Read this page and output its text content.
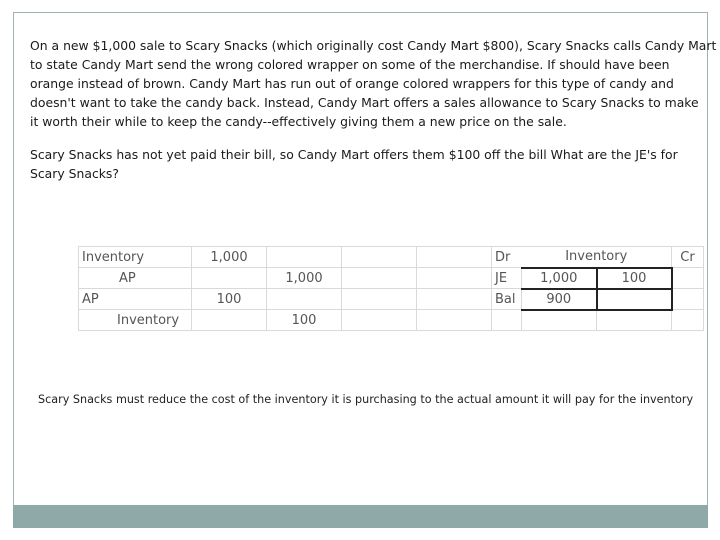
On a new $1,000 sale to Scary Snacks (which originally cost Candy Mart $800), Scary Snacks calls Candy Mart
to state Candy Mart send the wrong colored wrapper on some of the merchandise. If should have been
orange instead of brown. Candy Mart has run out of orange colored wrappers for this type of candy and
doesn't want to take the candy back. Instead, Candy Mart offers a sales allowance to Scary Snacks to make
it worth their while to keep the candy--effectively giving them a new price on the sale.
Scary Snacks has not yet paid their bill, so Candy Mart offers them $100 off the bill What are the JE's for
Scary Snacks?
Inventory	1,000				Dr	Inventory		Cr
AP		1,000			JE	1,000	100	
AP	100				Bal	900		
Inventory		100						

Scary Snacks must reduce the cost of the inventory it is purchasing to the actual amount it will pay for the inventory
